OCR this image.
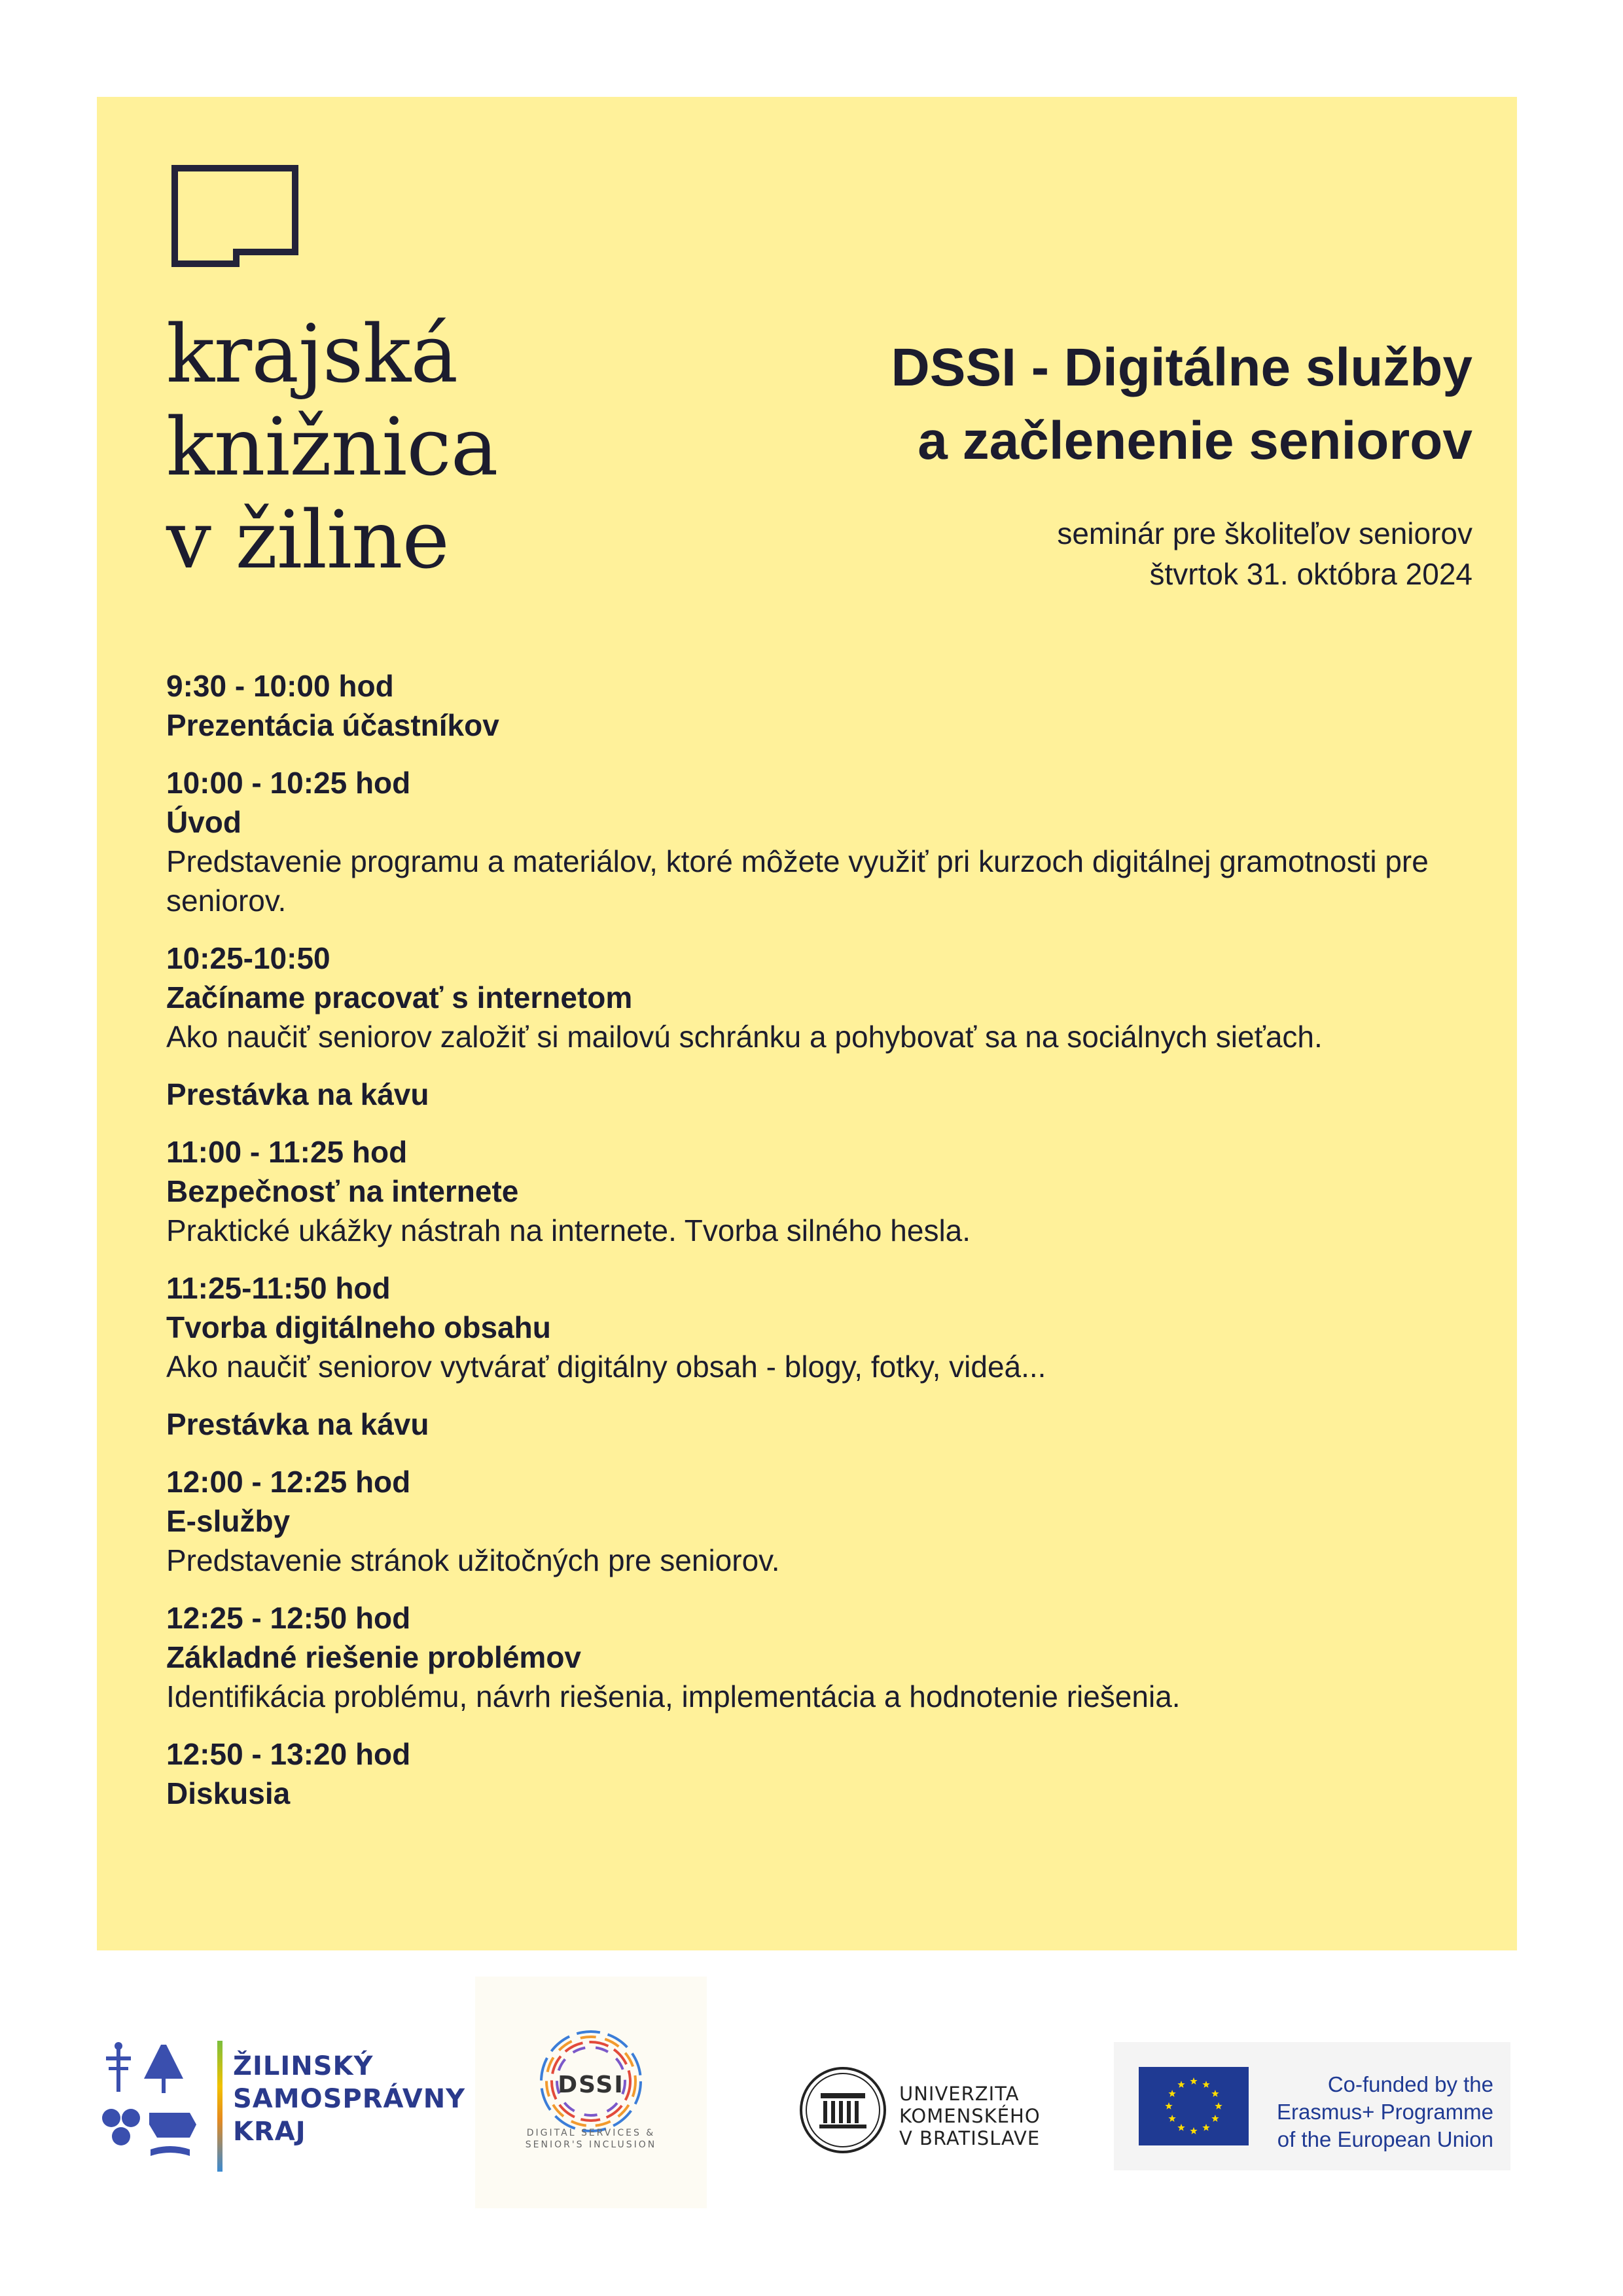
krajská
knižnica
v žiline
DSSI - Digitálne služby
a začlenenie seniorov
seminár pre školiteľov seniorov
štvrtok 31. októbra 2024
9:30 - 10:00 hod
Prezentácia účastníkov
10:00 - 10:25 hod
Úvod
Predstavenie programu a materiálov, ktoré môžete využiť pri kurzoch digitálnej gramotnosti pre seniorov.
10:25-10:50
Začíname pracovať s internetom
Ako naučiť seniorov založiť si mailovú schránku a pohybovať sa na sociálnych sieťach.
Prestávka na kávu
11:00 - 11:25 hod
Bezpečnosť na internete
Praktické ukážky nástrah na internete. Tvorba silného hesla.
11:25-11:50 hod
Tvorba digitálneho obsahu
Ako naučiť seniorov vytvárať digitálny obsah - blogy, fotky, videá...
Prestávka na kávu
12:00 - 12:25 hod
E-služby
Predstavenie stránok užitočných pre seniorov.
12:25 - 12:50 hod
Základné riešenie problémov
Identifikácia problému, návrh riešenia, implementácia a hodnotenie riešenia.
12:50 - 13:20 hod
Diskusia
ŽILINSKÝ
SAMOSPRÁVNY
KRAJ
DSSI
DIGITAL SERVICES &
SENIOR'S INCLUSION
UNIVERZITA
KOMENSKÉHO
V BRATISLAVE
Co-funded by the
Erasmus+ Programme
of the European Union
